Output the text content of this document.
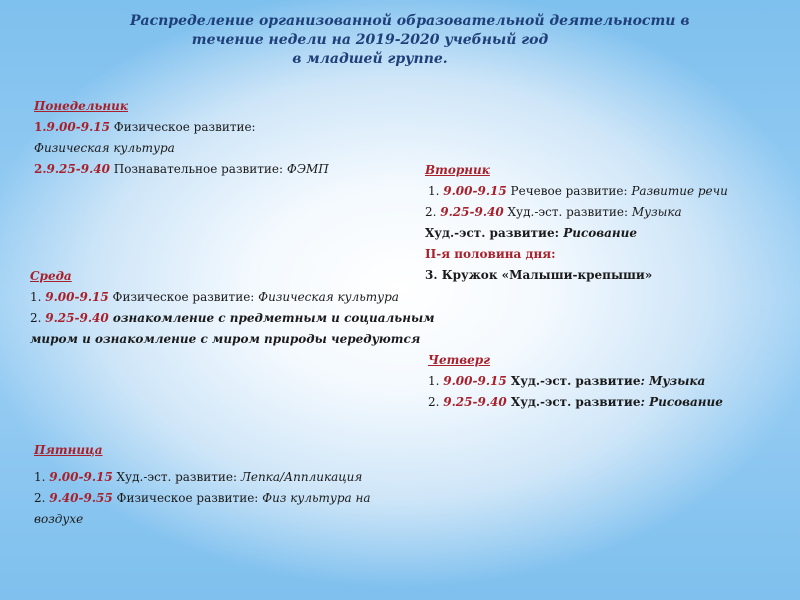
Распределение организованной образовательной деятельности в
течение недели на 2019-2020 учебный год
в младшей группе.
Понедельник
1.9.00-9.15 Физическое развитие:
Физическая культура
2.9.25-9.40 Познавательное развитие: ФЭМП	Вторник
1. 9.00-9.15 Речевое развитие: Развитие речи
2. 9.25-9.40 Худ.-эст. развитие: Музыка
Худ.-эст. развитие: Рисование
II-я половина дня:
3. Кружок «Малыши-крепыши»
Среда
1. 9.00-9.15 Физическое развитие: Физическая культура
2. 9.25-9.40 ознакомление с предметным и социальным
миром и ознакомление с миром природы чередуются
Четверг
1. 9.00-9.15 Худ.-эст. развитие: Музыка
2. 9.25-9.40 Худ.-эст. развитие: Рисование
Пятница
1. 9.00-9.15 Худ.-эст. развитие: Лепка/Аппликация
2. 9.40-9.55 Физическое развитие: Физ культура на
воздухе
